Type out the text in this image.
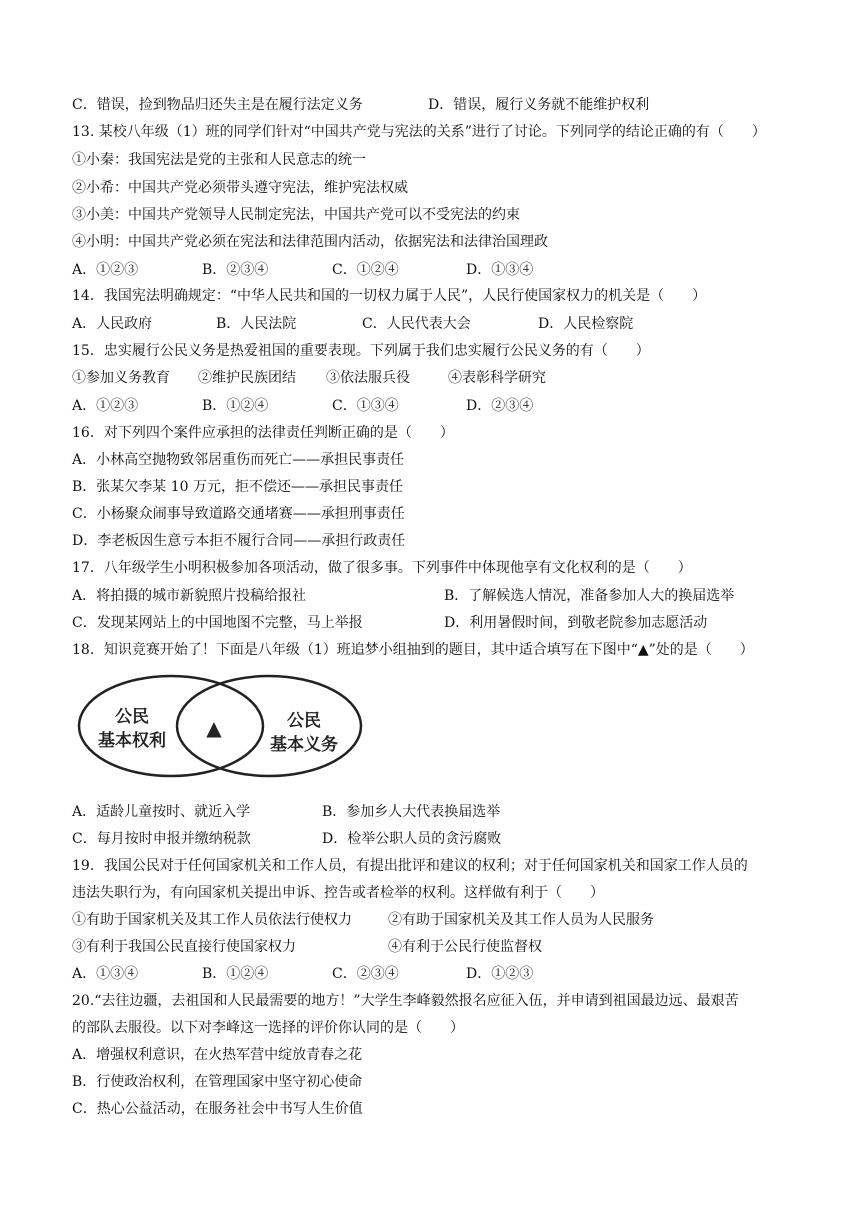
C．错误，捡到物品归还失主是在履行法定义务	D．错误，履行义务就不能维护权利
13. 某校八年级（1）班的同学们针对“中国共产党与宪法的关系”进行了讨论。下列同学的结论正确的有（　　）
①小秦：我国宪法是党的主张和人民意志的统一
②小希：中国共产党必须带头遵守宪法，维护宪法权威
③小美：中国共产党领导人民制定宪法，中国共产党可以不受宪法的约束
④小明：中国共产党必须在宪法和法律范围内活动，依据宪法和法律治国理政
A．①②③	B．②③④	C．①②④	D．①③④
14．我国宪法明确规定：“中华人民共和国的一切权力属于人民”，人民行使国家权力的机关是（　　）
A．人民政府	B．人民法院	C．人民代表大会	D．人民检察院
15．忠实履行公民义务是热爱祖国的重要表现。下列属于我们忠实履行公民义务的有（　　）
①参加义务教育 ②维护民族团结 ③依法服兵役	④表彰科学研究
A．①②③	B．①②④	C．①③④	D．②③④
16．对下列四个案件应承担的法律责任判断正确的是（　　）
A．小林高空抛物致邻居重伤而死亡——承担民事责任
B．张某欠李某 10 万元，拒不偿还——承担民事责任
C．小杨聚众闹事导致道路交通堵赛——承担刑事责任
D．李老板因生意亏本拒不履行合同——承担行政责任
17．八年级学生小明积极参加各项活动，做了很多事。下列事件中体现他享有文化权利的是（　　）
A．将拍摄的城市新貌照片投稿给报社	B．了解候选人情况，准备参加人大的换届选举
C．发现某网站上的中国地图不完整，马上举报	D．利用暑假时间，到敬老院参加志愿活动
18．知识竞赛开始了！下面是八年级（1）班追梦小组抽到的题目，其中适合填写在下图中“▲”处的是（　　）
公民
基本权利
▲	公民
基本义务
A．适龄儿童按时、就近入学	B．参加乡人大代表换届选举
C．每月按时申报并缴纳税款	D．检举公职人员的贪污腐败
19．我国公民对于任何国家机关和工作人员，有提出批评和建议的权利；对于任何国家机关和国家工作人员的
违法失职行为，有向国家机关提出申诉、控告或者检举的权利。这样做有利于（　　）
①有助于国家机关及其工作人员依法行使权力	②有助于国家机关及其工作人员为人民服务
③有利于我国公民直接行使国家权力	④有利于公民行使监督权
A．①③④	B．①②④	C．②③④	D．①②③
20.“去往边疆，去祖国和人民最需要的地方！”大学生李峰毅然报名应征入伍，并申请到祖国最边远、最艰苦
的部队去服役。以下对李峰这一选择的评价你认同的是（　　）
A．增强权利意识，在火热军营中绽放青春之花
B．行使政治权利，在管理国家中坚守初心使命
C．热心公益活动，在服务社会中书写人生价值
